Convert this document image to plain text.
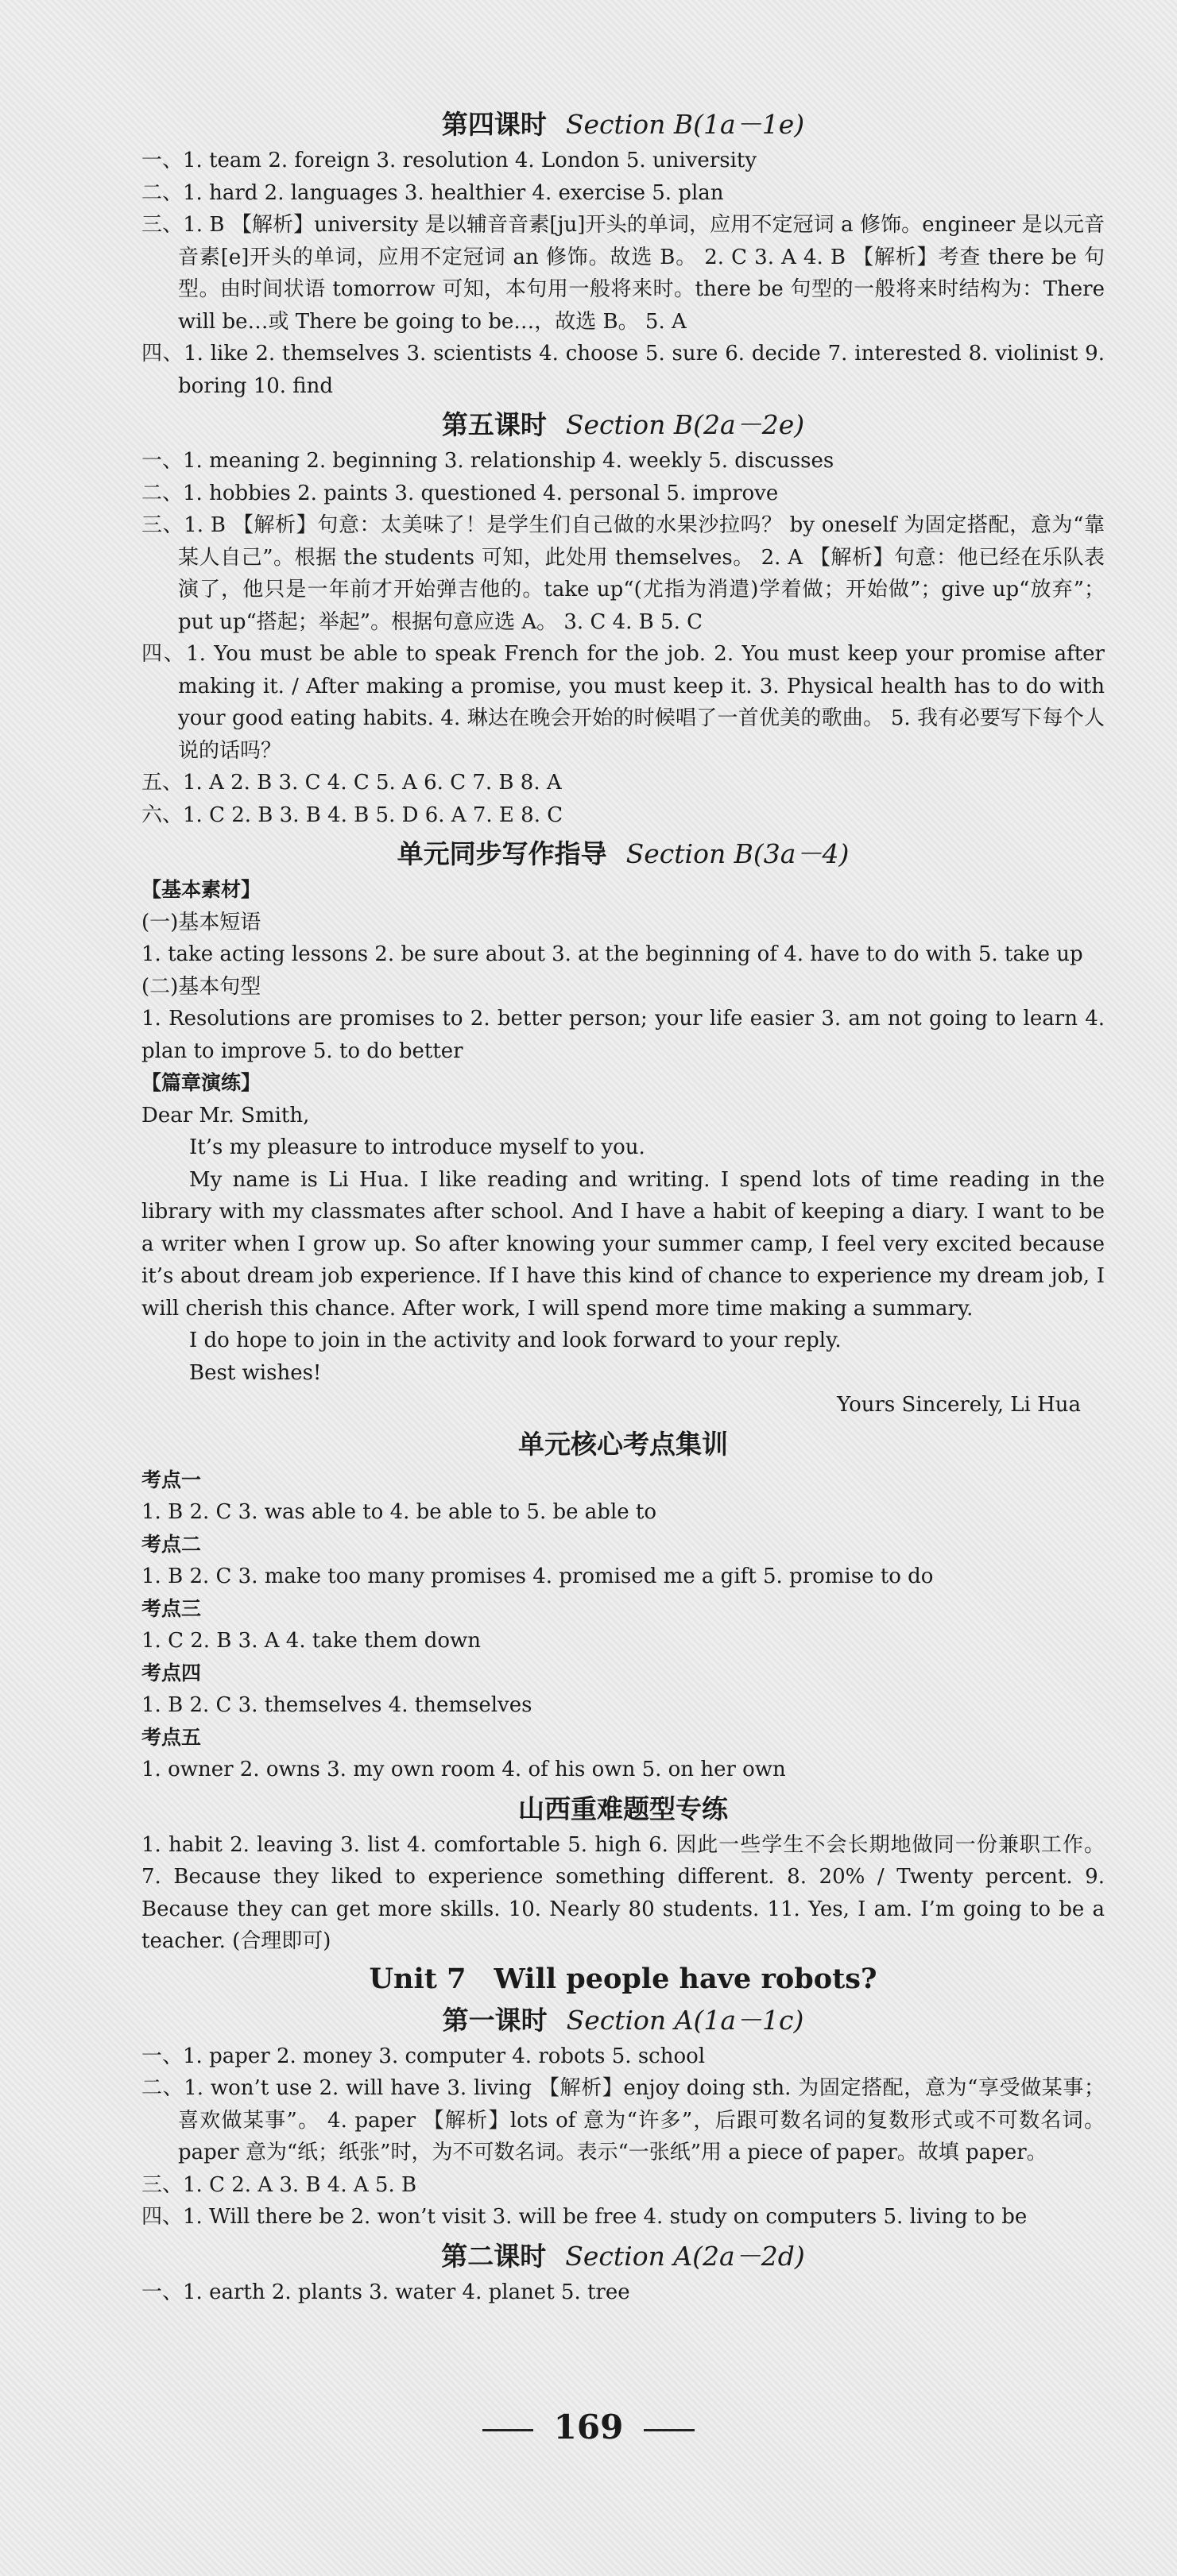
第四课时 Section B(1a－1e)
一、1. team 2. foreign 3. resolution 4. London 5. university
二、1. hard 2. languages 3. healthier 4. exercise 5. plan
三、1. B 【解析】university 是以辅音音素[ju]开头的单词，应用不定冠词 a 修饰。engineer 是以元音音素[e]开头的单词，应用不定冠词 an 修饰。故选 B。 2. C 3. A 4. B 【解析】考查 there be 句型。由时间状语 tomorrow 可知，本句用一般将来时。there be 句型的一般将来时结构为：There will be…或 There be going to be…，故选 B。 5. A
四、1. like 2. themselves 3. scientists 4. choose 5. sure 6. decide 7. interested 8. violinist 9. boring 10. find
第五课时 Section B(2a－2e)
一、1. meaning 2. beginning 3. relationship 4. weekly 5. discusses
二、1. hobbies 2. paints 3. questioned 4. personal 5. improve
三、1. B 【解析】句意：太美味了！是学生们自己做的水果沙拉吗？ by oneself 为固定搭配，意为“靠某人自己”。根据 the students 可知，此处用 themselves。 2. A 【解析】句意：他已经在乐队表演了，他只是一年前才开始弹吉他的。take up“(尤指为消遣)学着做；开始做”；give up“放弃”；put up“搭起；举起”。根据句意应选 A。 3. C 4. B 5. C
四、1. You must be able to speak French for the job. 2. You must keep your promise after making it. / After making a promise, you must keep it. 3. Physical health has to do with your good eating habits. 4. 琳达在晚会开始的时候唱了一首优美的歌曲。 5. 我有必要写下每个人说的话吗？
五、1. A 2. B 3. C 4. C 5. A 6. C 7. B 8. A
六、1. C 2. B 3. B 4. B 5. D 6. A 7. E 8. C
单元同步写作指导 Section B(3a－4)
【基本素材】
(一)基本短语
1. take acting lessons 2. be sure about 3. at the beginning of 4. have to do with 5. take up
(二)基本句型
1. Resolutions are promises to 2. better person; your life easier 3. am not going to learn 4. plan to improve 5. to do better
【篇章演练】
Dear Mr. Smith,
It’s my pleasure to introduce myself to you.
My name is Li Hua. I like reading and writing. I spend lots of time reading in the library with my classmates after school. And I have a habit of keeping a diary. I want to be a writer when I grow up. So after knowing your summer camp, I feel very excited because it’s about dream job experience. If I have this kind of chance to experience my dream job, I will cherish this chance. After work, I will spend more time making a summary.
I do hope to join in the activity and look forward to your reply.
Best wishes!
Yours Sincerely, Li Hua
单元核心考点集训
考点一
1. B 2. C 3. was able to 4. be able to 5. be able to
考点二
1. B 2. C 3. make too many promises 4. promised me a gift 5. promise to do
考点三
1. C 2. B 3. A 4. take them down
考点四
1. B 2. C 3. themselves 4. themselves
考点五
1. owner 2. owns 3. my own room 4. of his own 5. on her own
山西重难题型专练
1. habit 2. leaving 3. list 4. comfortable 5. high 6. 因此一些学生不会长期地做同一份兼职工作。 7. Because they liked to experience something different. 8. 20% / Twenty percent. 9. Because they can get more skills. 10. Nearly 80 students. 11. Yes, I am. I’m going to be a teacher. (合理即可)
Unit 7　Will people have robots?
第一课时 Section A(1a－1c)
一、1. paper 2. money 3. computer 4. robots 5. school
二、1. won’t use 2. will have 3. living 【解析】enjoy doing sth. 为固定搭配，意为“享受做某事；喜欢做某事”。 4. paper 【解析】lots of 意为“许多”，后跟可数名词的复数形式或不可数名词。paper 意为“纸；纸张”时，为不可数名词。表示“一张纸”用 a piece of paper。故填 paper。
三、1. C 2. A 3. B 4. A 5. B
四、1. Will there be 2. won’t visit 3. will be free 4. study on computers 5. living to be
第二课时 Section A(2a－2d)
一、1. earth 2. plants 3. water 4. planet 5. tree
169
